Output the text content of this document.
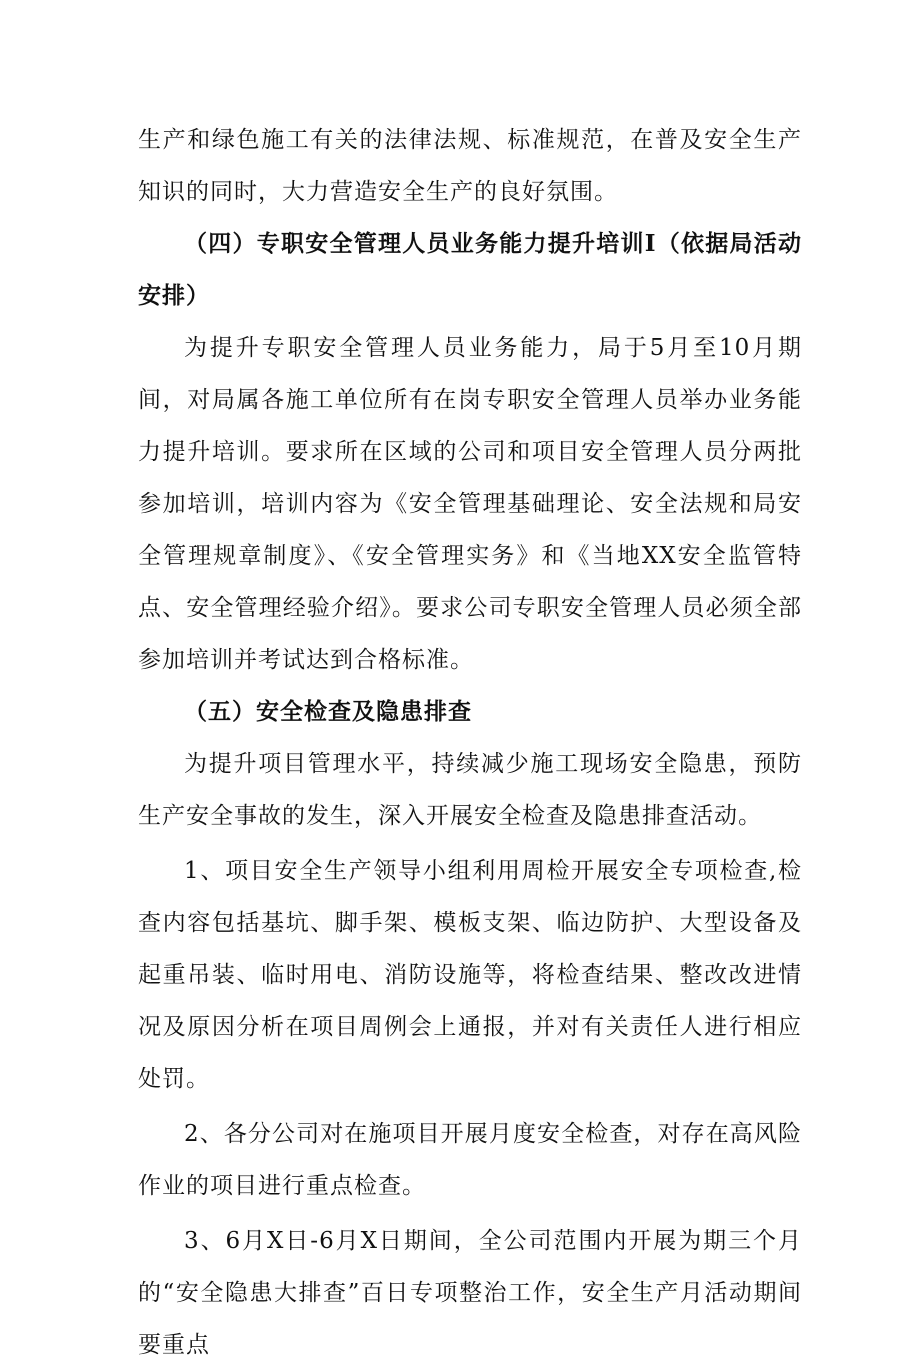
生产和绿色施工有关的法律法规、标准规范，在普及安全生产知识的同时，大力营造安全生产的良好氛围。

（四）专职安全管理人员业务能力提升培训I（依据局活动安排）

为提升专职安全管理人员业务能力，局于5月至10月期间，对局属各施工单位所有在岗专职安全管理人员举办业务能力提升培训。要求所在区域的公司和项目安全管理人员分两批参加培训，培训内容为《安全管理基础理论、安全法规和局安全管理规章制度》、《安全管理实务》和《当地XX安全监管特点、安全管理经验介绍》。要求公司专职安全管理人员必须全部参加培训并考试达到合格标准。

（五）安全检查及隐患排查

为提升项目管理水平，持续减少施工现场安全隐患，预防生产安全事故的发生，深入开展安全检查及隐患排查活动。

1、项目安全生产领导小组利用周检开展安全专项检查,检查内容包括基坑、脚手架、模板支架、临边防护、大型设备及起重吊装、临时用电、消防设施等，将检查结果、整改改进情况及原因分析在项目周例会上通报，并对有关责任人进行相应处罚。

2、各分公司对在施项目开展月度安全检查，对存在高风险作业的项目进行重点检查。

3、6月X日-6月X日期间，全公司范围内开展为期三个月的“安全隐患大排查”百日专项整治工作，安全生产月活动期间要重点
